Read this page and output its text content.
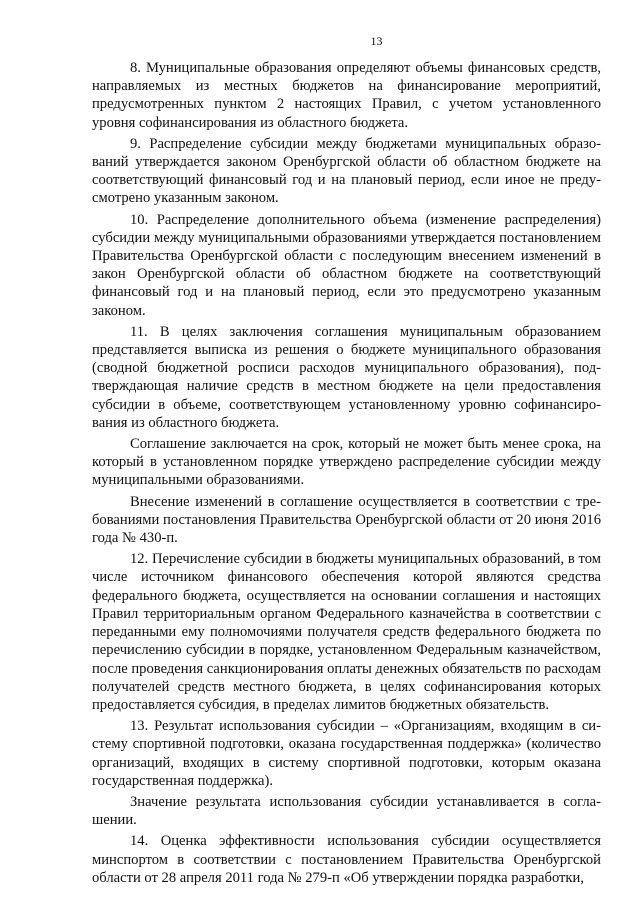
13

8. Муниципальные образования определяют объемы финансовых средств, направляемых из местных бюджетов на финансирование мероприятий, предусмотренных пунктом 2 настоящих Правил, с учетом установленного уровня софинансирования из областного бюджета.

9. Распределение субсидии между бюджетами муниципальных образований утверждается законом Оренбургской области об областном бюджете на соответствующий финансовый год и на плановый период, если иное не предусмотрено указанным законом.

10. Распределение дополнительного объема (изменение распределения) субсидии между муниципальными образованиями утверждается постановлением Правительства Оренбургской области с последующим внесением изменений в закон Оренбургской области об областном бюджете на соответствующий финансовый год и на плановый период, если это предусмотрено указанным законом.

11. В целях заключения соглашения муниципальным образованием представляется выписка из решения о бюджете муниципального образования (сводной бюджетной росписи расходов муниципального образования), подтверждающая наличие средств в местном бюджете на цели предоставления субсидии в объеме, соответствующем установленному уровню софинансирования из областного бюджета.

Соглашение заключается на срок, который не может быть менее срока, на который в установленном порядке утверждено распределение субсидии между муниципальными образованиями.

Внесение изменений в соглашение осуществляется в соответствии с требованиями постановления Правительства Оренбургской области от 20 июня 2016 года № 430-п.

12. Перечисление субсидии в бюджеты муниципальных образований, в том числе источником финансового обеспечения которой являются средства федерального бюджета, осуществляется на основании соглашения и настоящих Правил территориальным органом Федерального казначейства в соответствии с переданными ему полномочиями получателя средств федерального бюджета по перечислению субсидии в порядке, установленном Федеральным казначейством, после проведения санкционирования оплаты денежных обязательств по расходам получателей средств местного бюджета, в целях софинансирования которых предоставляется субсидия, в пределах лимитов бюджетных обязательств.

13. Результат использования субсидии – «Организациям, входящим в систему спортивной подготовки, оказана государственная поддержка» (количество организаций, входящих в систему спортивной подготовки, которым оказана государственная поддержка).

Значение результата использования субсидии устанавливается в соглашении.

14. Оценка эффективности использования субсидии осуществляется минспортом в соответствии с постановлением Правительства Оренбургской области от 28 апреля 2011 года № 279-п «Об утверждении порядка разработки,
